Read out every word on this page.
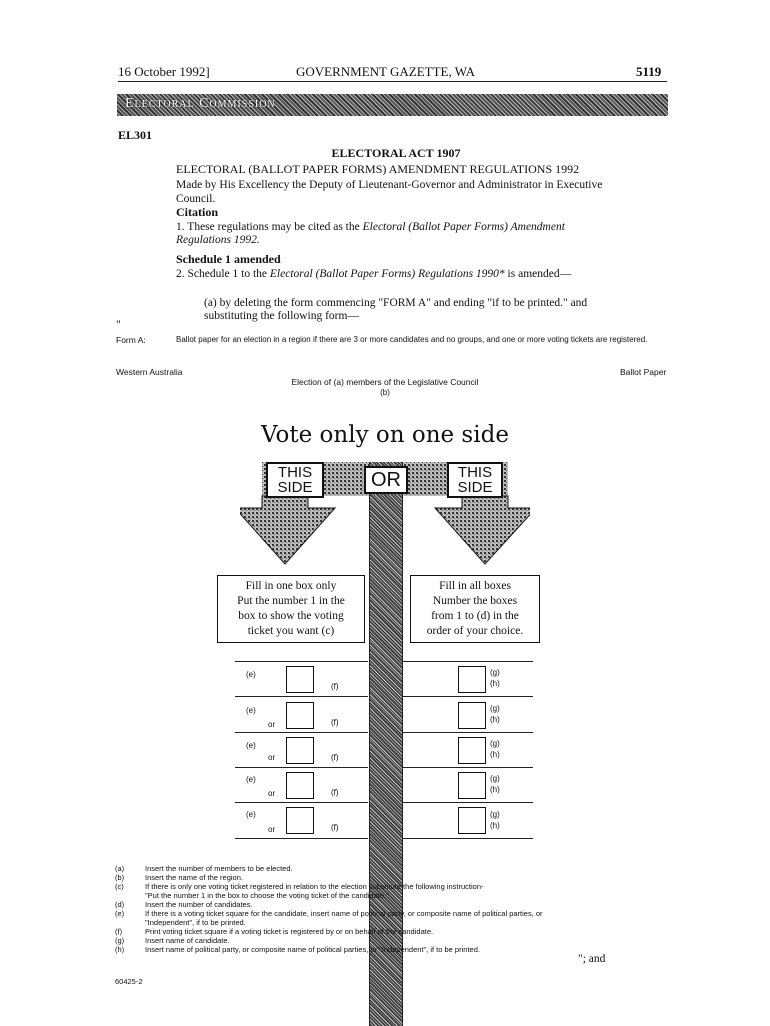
16 October 1992]	GOVERNMENT GAZETTE, WA	5119
Electoral Commission
EL301
ELECTORAL ACT 1907
ELECTORAL (BALLOT PAPER FORMS) AMENDMENT REGULATIONS 1992
Made by His Excellency the Deputy of Lieutenant-Governor and Administrator in Executive Council.
Citation
1. These regulations may be cited as the Electoral (Ballot Paper Forms) Amendment Regulations 1992.
Schedule 1 amended
2. Schedule 1 to the Electoral (Ballot Paper Forms) Regulations 1990* is amended—
(a) by deleting the form commencing "FORM A" and ending "if to be printed." and substituting the following form—
"
Form A:	Ballot paper for an election in a region if there are 3 or more candidates and no groups, and one or more voting tickets are registered.
Western Australia	Ballot Paper
Election of (a) members of the Legislative Council
(b)
Vote only on one side
THIS
SIDE
THIS
SIDE
OR
Fill in one box only
Put the number 1 in the
box to show the voting
ticket you want (c)
Fill in all boxes
Number the boxes
from 1 to (d) in the
order of your choice.
(e)
(f)
(g)
(h)
(e)
or	(f)
(g)
(h)
(e)
or	(f)
(g)
(h)
(e)
or	(f)
(g)
(h)
(e)
or	(f)
(g)
(h)
(a)	Insert the number of members to be elected.
(b)	Insert the name of the region.
(c)	If there is only one voting ticket registered in relation to the election substitute the following instruction-
"Put the number 1 in the box to choose the voting ticket of the candidate."
(d)	Insert the number of candidates.
(e)	If there is a voting ticket square for the candidate, insert name of political party, or composite name of political parties, or
"Independent", if to be printed.
(f)	Print voting ticket square if a voting ticket is registered by or on behalf of the candidate.
(g)	Insert name of candidate.
(h)	Insert name of political party, or composite name of political parties, or "Independent", if to be printed.
"; and
60425-2
